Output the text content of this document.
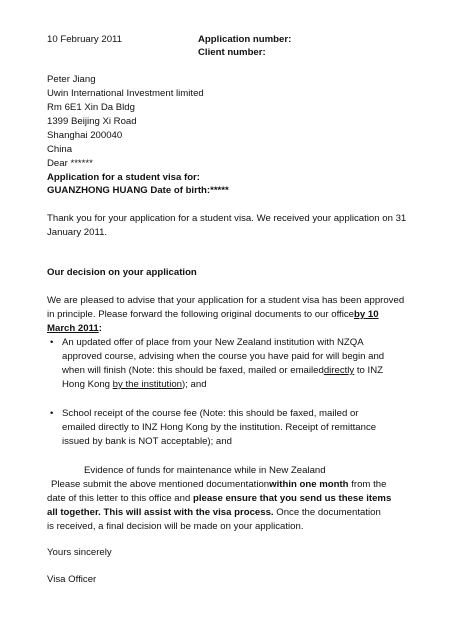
10 February 2011	Application number:
Client number:
Peter Jiang
Uwin International Investment limited
Rm 6E1 Xin Da Bldg
1399 Beijing Xi Road
Shanghai 200040
China
Dear ******
Application for a student visa for:
GUANZHONG HUANG Date of birth:*****
Thank you for your application for a student visa. We received your application on 31
January 2011.
Our decision on your application
We are pleased to advise that your application for a student visa has been approved
in principle. Please forward the following original documents to our officeby 10
March 2011:
• An updated offer of place from your New Zealand institution with NZQA
approved course, advising when the course you have paid for will begin and
when will finish (Note: this should be faxed, mailed or emaileddirectly to INZ
Hong Kong by the institution); and
• School receipt of the course fee (Note: this should be faxed, mailed or
emailed directly to INZ Hong Kong by the institution. Receipt of remittance
issued by bank is NOT acceptable); and
Evidence of funds for maintenance while in New Zealand
Please submit the above mentioned documentationwithin one month from the
date of this letter to this office and please ensure that you send us these items
all together. This will assist with the visa process. Once the documentation
is received, a final decision will be made on your application.
Yours sincerely
Visa Officer
